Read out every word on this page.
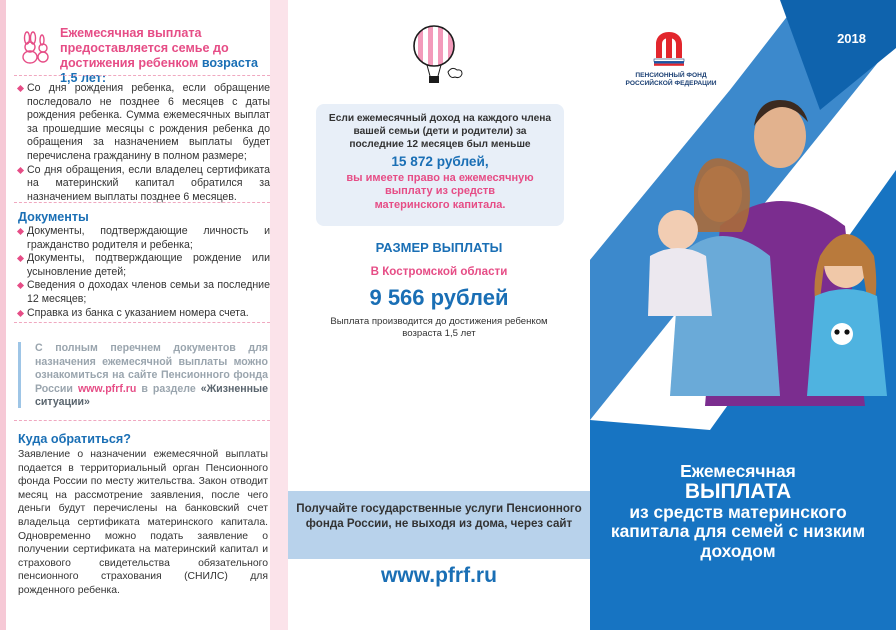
Ежемесячная выплата предоставляется семье до достижения ребенком возраста 1,5 лет:
Со дня рождения ребенка, если обращение последовало не позднее 6 месяцев с даты рождения ребенка. Сумма ежемесячных выплат за прошедшие месяцы с рождения ребенка до обращения за назначением выплаты будет перечислена гражданину в полном размере;
Со дня обращения, если владелец сертификата на материнский капитал обратился за назначением выплаты позднее 6 месяцев.
Документы
Документы, подтверждающие личность и гражданство родителя и ребенка;
Документы, подтверждающие рождение или усыновление детей;
Сведения о доходах членов семьи за последние 12 месяцев;
Справка из банка с указанием номера счета.
С полным перечнем документов для назначения ежемесячной выплаты можно ознакомиться на сайте Пенсионного фонда России www.pfrf.ru в разделе «Жизненные ситуации»
Куда обратиться?
Заявление о назначении ежемесячной выплаты подается в территориальный орган Пенсионного фонда России по месту жительства. Закон отводит месяц на рассмотрение заявления, после чего деньги будут перечислены на банковский счет владельца сертификата материнского капитала. Одновременно можно подать заявление о получении сертификата на материнский капитал и страхового свидетельства обязательного пенсионного страхования (СНИЛС) для рожденного ребенка.
Если ежемесячный доход на каждого члена вашей семьи (дети и родители) за последние 12 месяцев был меньше
15 872 рублей,
вы имеете право на ежемесячную выплату из средств материнского капитала.
РАЗМЕР ВЫПЛАТЫ
В Костромской области
9 566 рублей
Выплата производится до достижения ребенком возраста 1,5 лет
Получайте государственные услуги Пенсионного фонда России, не выходя из дома, через сайт
www.pfrf.ru
2018
ПЕНСИОННЫЙ ФОНД РОССИЙСКОЙ ФЕДЕРАЦИИ
Ежемесячная
ВЫПЛАТА
из средств материнского капитала для семей с низким доходом
